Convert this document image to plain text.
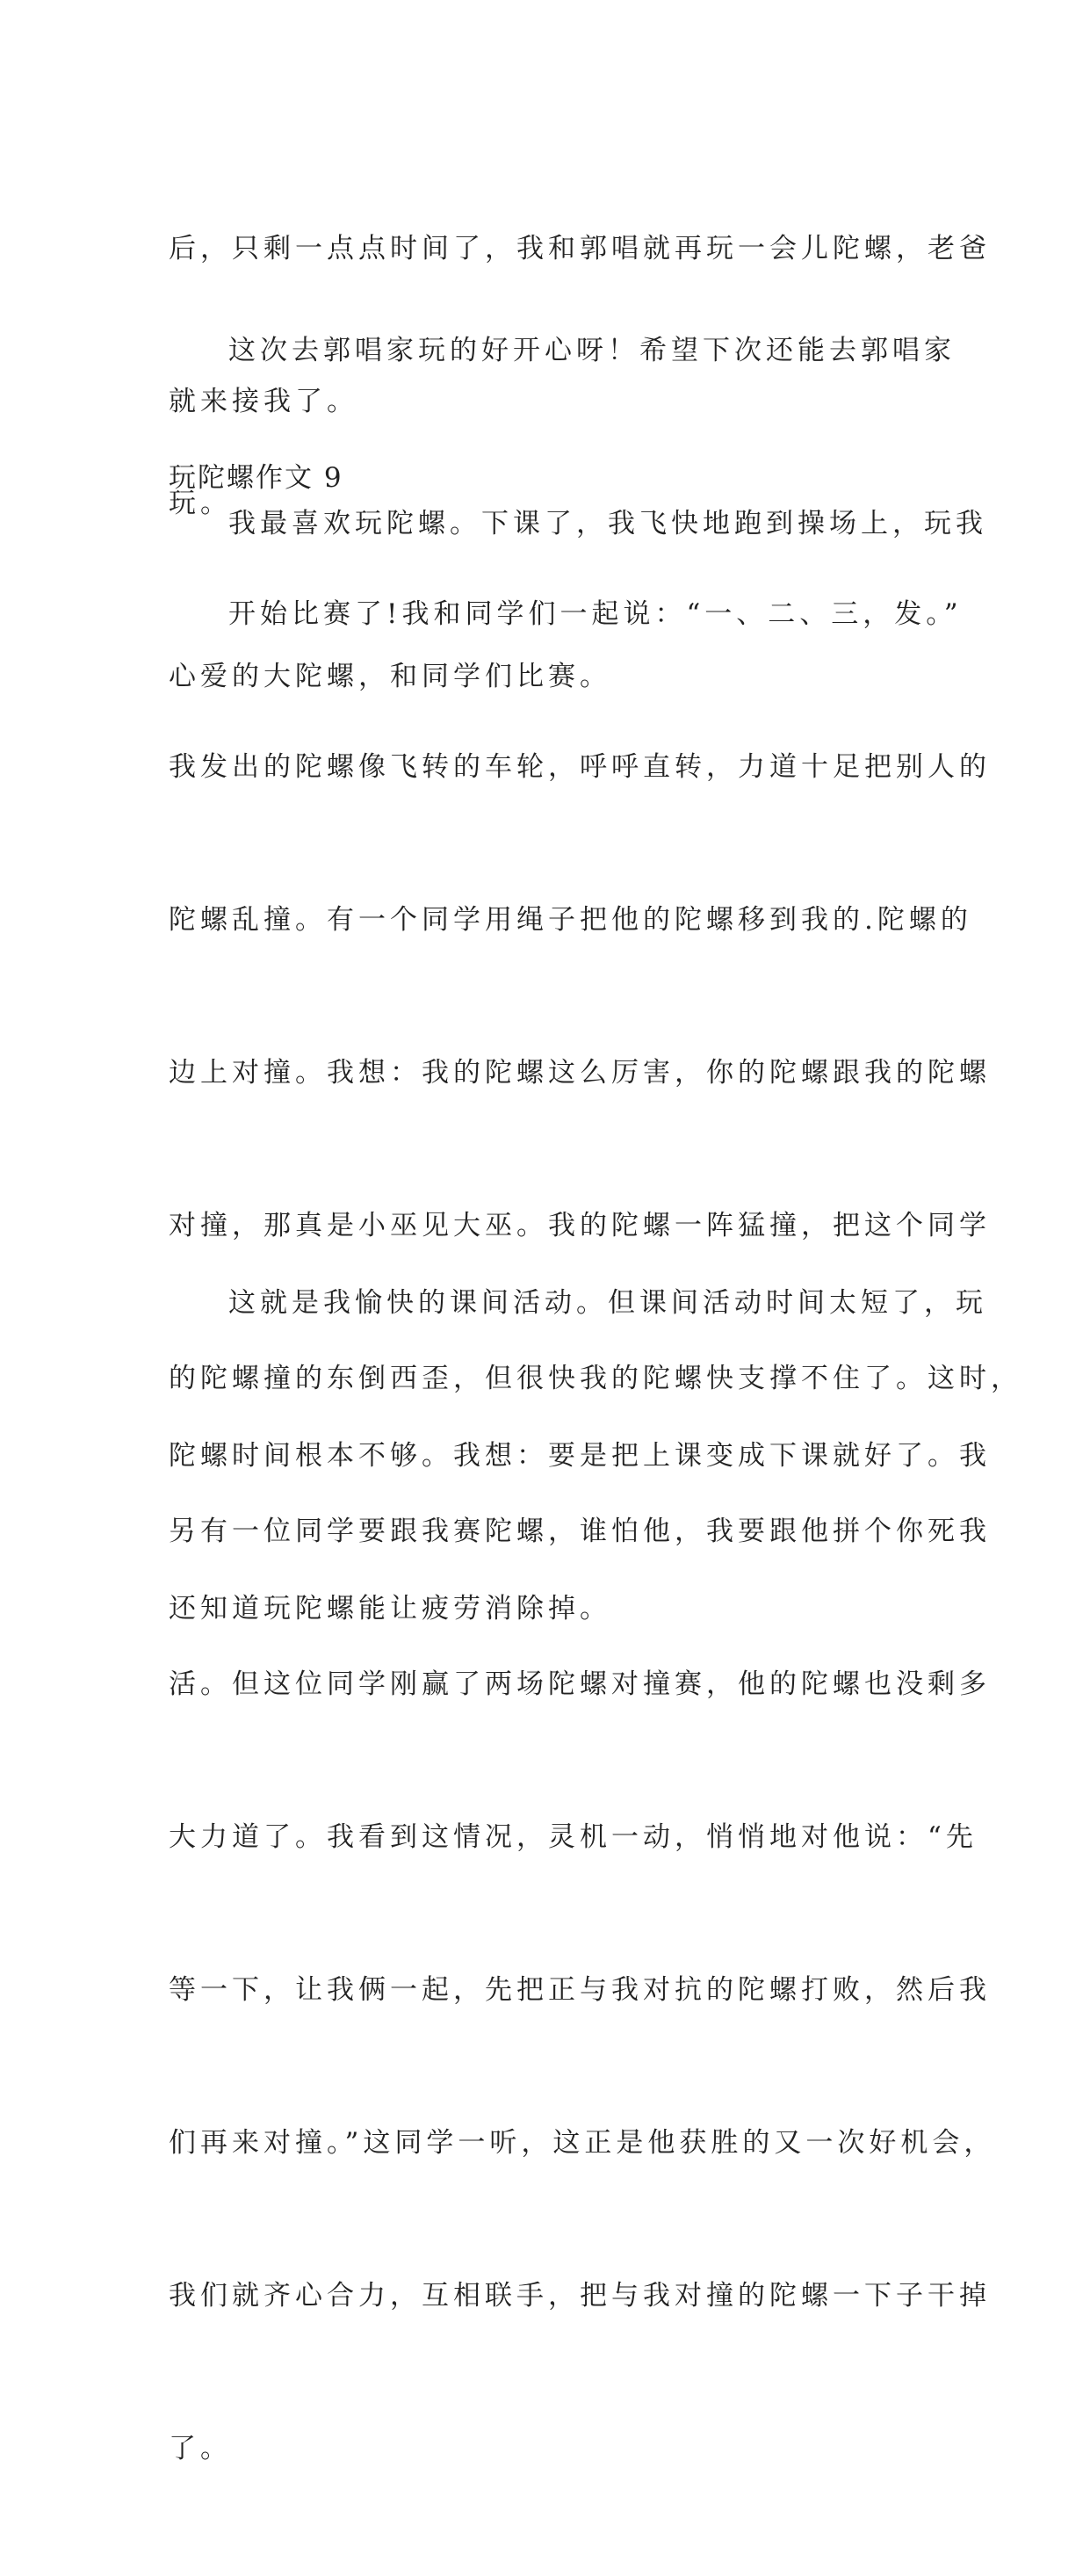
后，只剩一点点时间了，我和郭唱就再玩一会儿陀螺，老爸

就来接我了。

这次去郭唱家玩的好开心呀！希望下次还能去郭唱家

玩。

玩陀螺作文 9

我最喜欢玩陀螺。下课了，我飞快地跑到操场上，玩我

心爱的大陀螺，和同学们比赛。

开始比赛了!我和同学们一起说：“一、二、三，发。”

我发出的陀螺像飞转的车轮，呼呼直转，力道十足把别人的

陀螺乱撞。有一个同学用绳子把他的陀螺移到我的.陀螺的

边上对撞。我想：我的陀螺这么厉害，你的陀螺跟我的陀螺

对撞，那真是小巫见大巫。我的陀螺一阵猛撞，把这个同学

的陀螺撞的东倒西歪，但很快我的陀螺快支撑不住了。这时，

另有一位同学要跟我赛陀螺，谁怕他，我要跟他拼个你死我

活。但这位同学刚赢了两场陀螺对撞赛，他的陀螺也没剩多

大力道了。我看到这情况，灵机一动，悄悄地对他说：“先

等一下，让我俩一起，先把正与我对抗的陀螺打败，然后我

们再来对撞。”这同学一听，这正是他获胜的又一次好机会，

我们就齐心合力，互相联手，把与我对撞的陀螺一下子干掉

了。

这就是我愉快的课间活动。但课间活动时间太短了，玩

陀螺时间根本不够。我想：要是把上课变成下课就好了。我

还知道玩陀螺能让疲劳消除掉。
